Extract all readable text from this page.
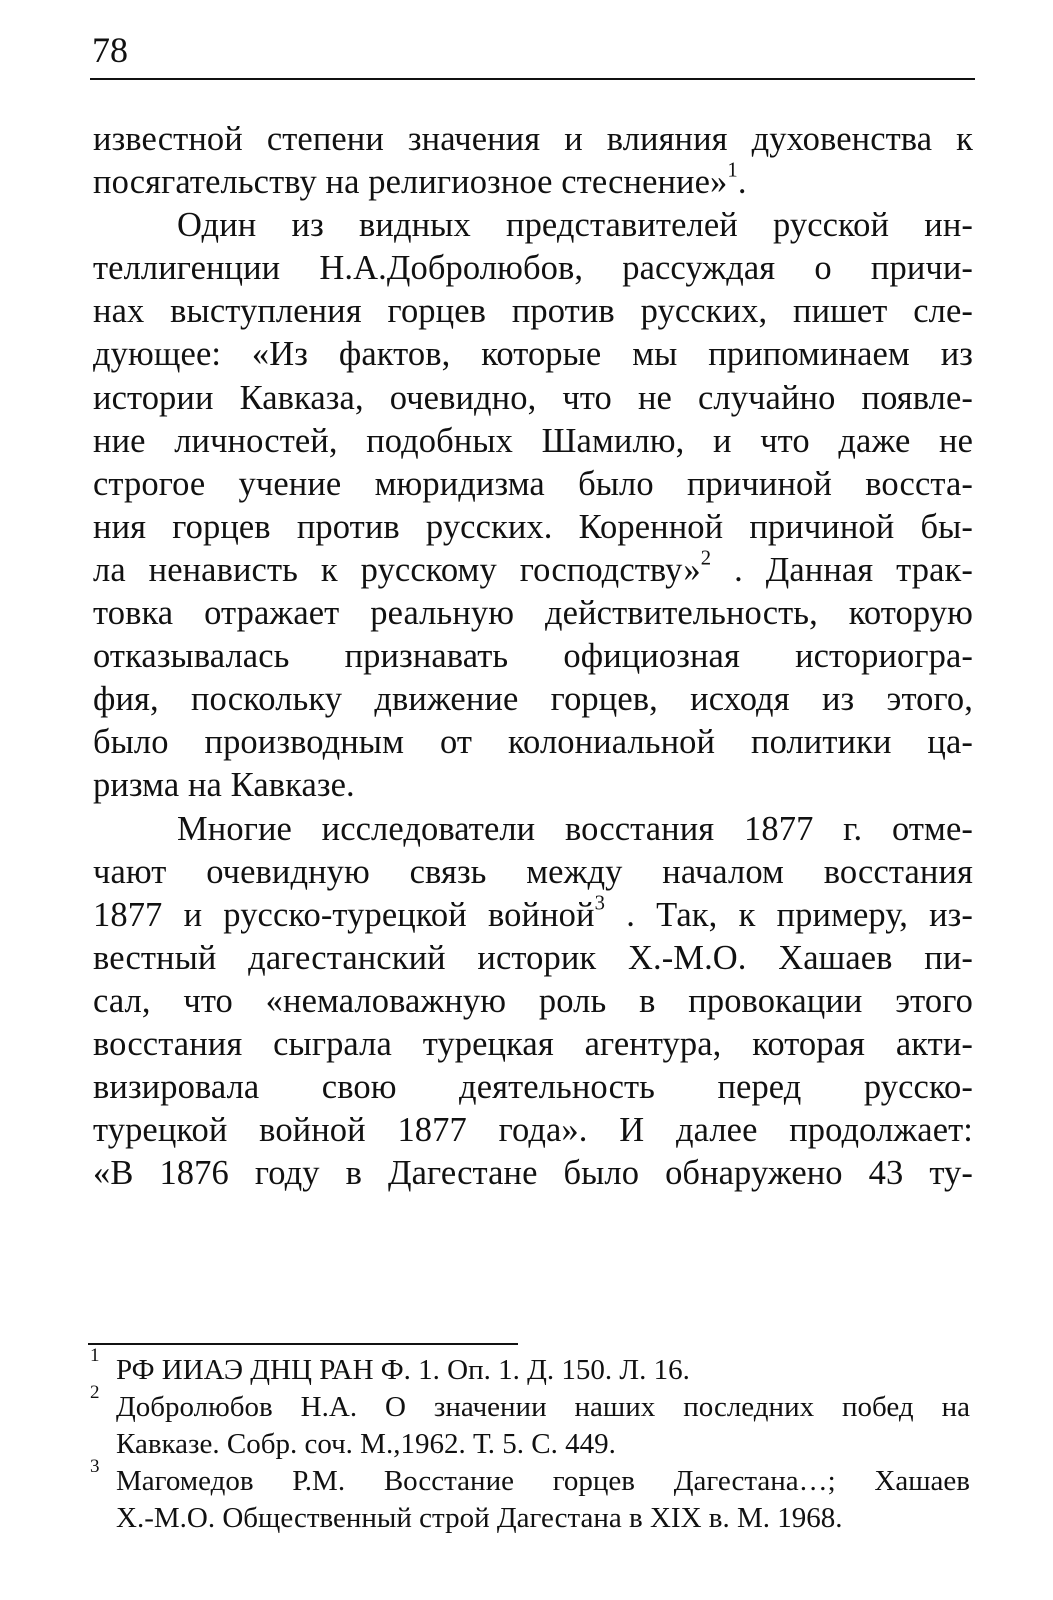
78
известной степени значения и влияния духовенства к
посягательству на религиозное стеснение»$^1$.
Один из видных представителей русской ин-
теллигенции Н.А.Добролюбов, рассуждая о причи-
нах выступления горцев против русских, пишет сле-
дующее: «Из фактов, которые мы припоминаем из
истории Кавказа, очевидно, что не случайно появле-
ние личностей, подобных Шамилю, и что даже не
строгое учение мюридизма было причиной восста-
ния горцев против русских. Коренной причиной бы-
ла ненависть к русскому господству»$^2$ . Данная трак-
товка отражает реальную действительность, которую
отказывалась признавать официозная историогра-
фия, поскольку движение горцев, исходя из этого,
было производным от колониальной политики ца-
ризма на Кавказе.
Многие исследователи восстания 1877 г. отме-
чают очевидную связь между началом восстания
1877 и русско-турецкой войной$^3$ . Так, к примеру, из-
вестный дагестанский историк Х.-М.О. Хашаев пи-
сал, что «немаловажную роль в провокации этого
восстания сыграла турецкая агентура, которая акти-
визировала свою деятельность перед русско-
турецкой войной 1877 года». И далее продолжает:
«В 1876 году в Дагестане было обнаружено 43 ту-
1 РФ ИИАЭ ДНЦ РАН Ф. 1. Оп. 1. Д. 150. Л. 16.
2 Добролюбов Н.А. О значении наших последних побед на
Кавказе. Собр. соч. М.,1962. Т. 5. С. 449.
3 Магомедов Р.М. Восстание горцев Дагестана…; Хашаев
Х.-М.О. Общественный строй Дагестана в XIX в. М. 1968.
